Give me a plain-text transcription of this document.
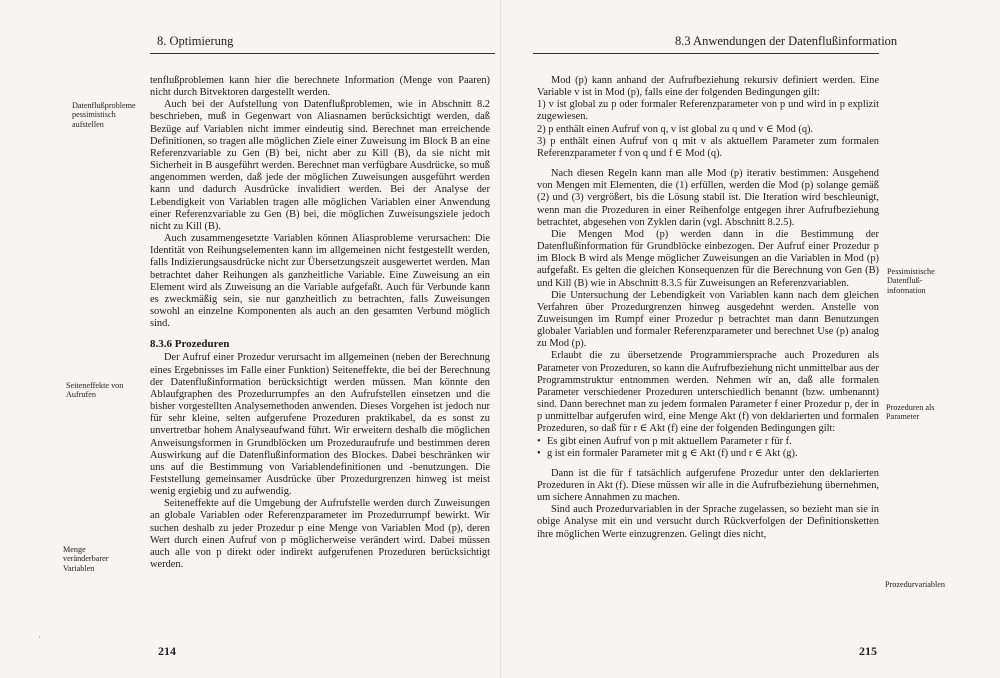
8. Optimierung
Datenflußprobleme
pessimistisch
aufstellen
Seiteneffekte von
Aufrufen
Menge
veränderbarer
Variablen

tenflußproblemen kann hier die berechnete Information (Menge von Paaren) nicht durch Bitvektoren dargestellt werden.

Auch bei der Aufstellung von Datenflußproblemen, wie in Abschnitt 8.2 beschrieben, muß in Gegenwart von Aliasnamen berücksichtigt werden, daß Bezüge auf Variablen nicht immer eindeutig sind. Berechnet man erreichende Definitionen, so tragen alle möglichen Ziele einer Zuweisung im Block B an eine Referenzvariable zu Gen (B) bei, nicht aber zu Kill (B), da sie nicht mit Sicherheit in B ausgeführt werden. Berechnet man verfügbare Ausdrücke, so muß angenommen werden, daß jede der möglichen Zuweisungen ausgeführt werden kann und dadurch Ausdrücke invalidiert werden. Bei der Analyse der Lebendigkeit von Variablen tragen alle möglichen Variablen einer Anwendung einer Referenzvariable zu Gen (B) bei, die möglichen Zuweisungsziele jedoch nicht zu Kill (B).

Auch zusammengesetzte Variablen können Aliasprobleme verursachen: Die Identität von Reihungselementen kann im allgemeinen nicht festgestellt werden, falls Indizierungsausdrücke nicht zur Übersetzungszeit ausgewertet werden. Man betrachtet daher Reihungen als ganzheitliche Variable. Eine Zuweisung an ein Element wird als Zuweisung an die Variable aufgefaßt. Auch für Verbunde kann es zweckmäßig sein, sie nur ganzheitlich zu betrachten, falls Zuweisungen sowohl an einzelne Komponenten als auch an den gesamten Verbund möglich sind.

8.3.6 Prozeduren

Der Aufruf einer Prozedur verursacht im allgemeinen (neben der Berechnung eines Ergebnisses im Falle einer Funktion) Seiteneffekte, die bei der Berechnung der Datenflußinformation berücksichtigt werden müssen. Man könnte den Ablaufgraphen des Prozedurrumpfes an den Aufrufstellen einsetzen und die bisher vorgestellten Analysemethoden anwenden. Dieses Vorgehen ist jedoch nur für sehr kleine, selten aufgerufene Prozeduren praktikabel, da es sonst zu unvertretbar hohem Analyseaufwand führt. Wir erweitern deshalb die möglichen Anweisungsformen in Grundblöcken um Prozeduraufrufe und bestimmen deren Auswirkung auf die Datenflußinformation des Blockes. Dabei beschränken wir uns auf die Bestimmung von Variablendefinitionen und -benutzungen. Die Feststellung gemeinsamer Ausdrücke über Prozedurgrenzen hinweg ist meist wenig ergiebig und zu aufwendig.

Seiteneffekte auf die Umgebung der Aufrufstelle werden durch Zuweisungen an globale Variablen oder Referenzparameter im Prozedurrumpf bewirkt. Wir suchen deshalb zu jeder Prozedur p eine Menge von Variablen Mod (p), deren Wert durch einen Aufruf von p möglicherweise verändert wird. Dabei müssen auch alle von p direkt oder indirekt aufgerufenen Prozeduren berücksichtigt werden.

214
‘
8.3 Anwendungen der Datenflußinformation
Pessimistische
Datenfluß-
information
Prozeduren als
Parameter
Prozedurvariablen

Mod (p) kann anhand der Aufrufbeziehung rekursiv definiert werden. Eine Variable v ist in Mod (p), falls eine der folgenden Bedingungen gilt:

1) v ist global zu p oder formaler Referenzparameter von p und wird in p explizit zugewiesen.

2) p enthält einen Aufruf von q, v ist global zu q und v ∈ Mod (q).

3) p enthält einen Aufruf von q mit v als aktuellem Parameter zum formalen Referenzparameter f von q und f ∈ Mod (q).

Nach diesen Regeln kann man alle Mod (p) iterativ bestimmen: Ausgehend von Mengen mit Elementen, die (1) erfüllen, werden die Mod (p) solange gemäß (2) und (3) vergrößert, bis die Lösung stabil ist. Die Iteration wird beschleunigt, wenn man die Prozeduren in einer Reihenfolge entgegen ihrer Aufrufbeziehung betrachtet, abgesehen von Zyklen darin (vgl. Abschnitt 8.2.5).

Die Mengen Mod (p) werden dann in die Bestimmung der Datenflußinformation für Grundblöcke einbezogen. Der Aufruf einer Prozedur p im Block B wird als Menge möglicher Zuweisungen an die Variablen in Mod (p) aufgefaßt. Es gelten die gleichen Konsequenzen für die Berechnung von Gen (B) und Kill (B) wie in Abschnitt 8.3.5 für Zuweisungen an Referenzvariablen.

Die Untersuchung der Lebendigkeit von Variablen kann nach dem gleichen Verfahren über Prozedurgrenzen hinweg ausgedehnt werden. Anstelle von Zuweisungen im Rumpf einer Prozedur p betrachtet man dann Benutzungen globaler Variablen und formaler Referenzparameter und berechnet Use (p) analog zu Mod (p).

Erlaubt die zu übersetzende Programmiersprache auch Prozeduren als Parameter von Prozeduren, so kann die Aufrufbeziehung nicht unmittelbar aus der Programmstruktur entnommen werden. Nehmen wir an, daß alle formalen Parameter verschiedener Prozeduren unterschiedlich benannt (bzw. umbenannt) sind. Dann berechnet man zu jedem formalen Parameter f einer Prozedur p, der in p unmittelbar aufgerufen wird, eine Menge Akt (f) von deklarierten und formalen Prozeduren, so daß für r ∈ Akt (f) eine der folgenden Bedingungen gilt:

• Es gibt einen Aufruf von p mit aktuellem Parameter r für f.
• g ist ein formaler Parameter mit g ∈ Akt (f) und r ∈ Akt (g).

Dann ist die für f tatsächlich aufgerufene Prozedur unter den deklarierten Prozeduren in Akt (f). Diese müssen wir alle in die Aufrufbeziehung übernehmen, um sichere Annahmen zu machen.

Sind auch Prozedurvariablen in der Sprache zugelassen, so bezieht man sie in obige Analyse mit ein und versucht durch Rückverfolgen der Definitionsketten ihre möglichen Werte einzugrenzen. Gelingt dies nicht,

215
